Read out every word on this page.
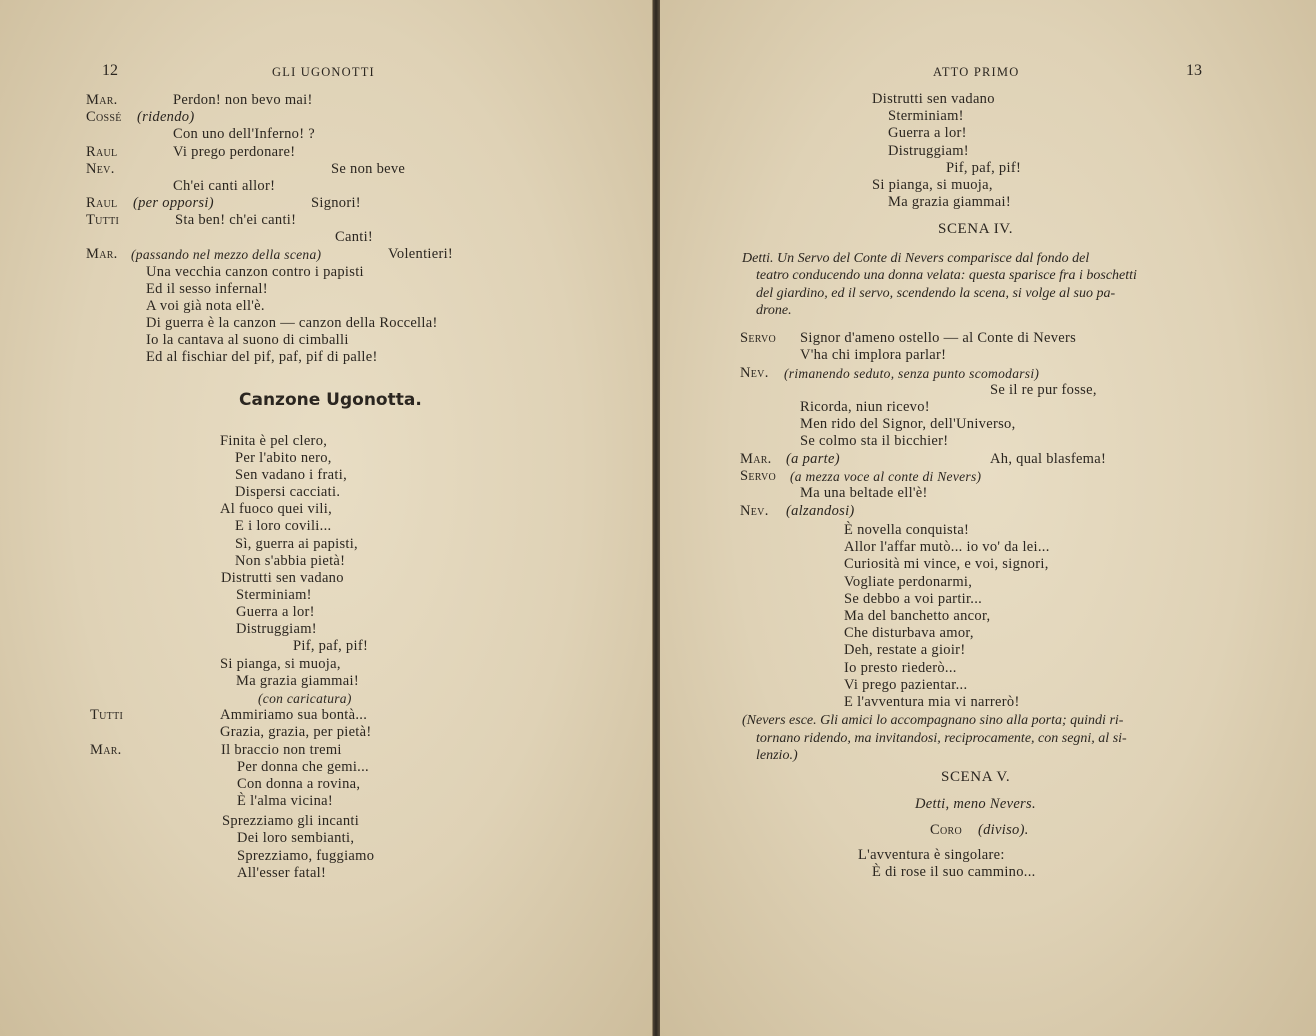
12	GLI UGONOTTI
Mar.	Perdon! non bevo mai!
Cossé (ridendo)
Con uno dell'Inferno! ?
Raul	Vi prego perdonare!
Nev.	Se non beve
Ch'ei canti allor!
Raul (per opporsi)	Signori!
Tutti	Sta ben! ch'ei canti!
Canti!
Mar. (passando nel mezzo della scena)	Volentieri!
Una vecchia canzon contro i papisti
Ed il sesso infernal!
A voi già nota ell'è.
Di guerra è la canzon — canzon della Roccella!
Io la cantava al suono di cimballi
Ed al fischiar del pif, paf, pif di palle!
Canzone Ugonotta.
Finita è pel clero,
Per l'abito nero,
Sen vadano i frati,
Dispersi cacciati.
Al fuoco quei vili,
E i loro covili...
Sì, guerra ai papisti,
Non s'abbia pietà!
Distrutti sen vadano
Sterminiam!
Guerra a lor!
Distruggiam!
Pif, paf, pif!
Si pianga, si muoja,
Ma grazia giammai!
(con caricatura)
Tutti	Ammiriamo sua bontà...
Grazia, grazia, per pietà!
Mar.	Il braccio non tremi
Per donna che gemi...
Con donna a rovina,
È l'alma vicina!
Sprezziamo gli incanti
Dei loro sembianti,
Sprezziamo, fuggiamo
All'esser fatal!
ATTO PRIMO	13
Distrutti sen vadano
Sterminiam!
Guerra a lor!
Distruggiam!
Pif, paf, pif!
Si pianga, si muoja,
Ma grazia giammai!
SCENA IV.
Detti. Un Servo del Conte di Nevers comparisce dal fondo del
teatro conducendo una donna velata: questa sparisce fra i boschetti
del giardino, ed il servo, scendendo la scena, si volge al suo pa-
drone.
Servo Signor d'ameno ostello — al Conte di Nevers
V'ha chi implora parlar!
Nev. (rimanendo seduto, senza punto scomodarsi)
Se il re pur fosse,
Ricorda, niun ricevo!
Men rido del Signor, dell'Universo,
Se colmo sta il bicchier!
Mar. (a parte)	Ah, qual blasfema!
Servo (a mezza voce al conte di Nevers)
Ma una beltade ell'è!
Nev. (alzandosi)
È novella conquista!
Allor l'affar mutò... io vo' da lei...
Curiosità mi vince, e voi, signori,
Vogliate perdonarmi,
Se debbo a voi partir...
Ma del banchetto ancor,
Che disturbava amor,
Deh, restate a gioir!
Io presto riederò...
Vi prego pazientar...
E l'avventura mia vi narrerò!
(Nevers esce. Gli amici lo accompagnano sino alla porta; quindi ri-
tornano ridendo, ma invitandosi, reciprocamente, con segni, al si-
lenzio.)
SCENA V.
Detti, meno Nevers.
Coro (diviso).
L'avventura è singolare:
È di rose il suo cammino...
